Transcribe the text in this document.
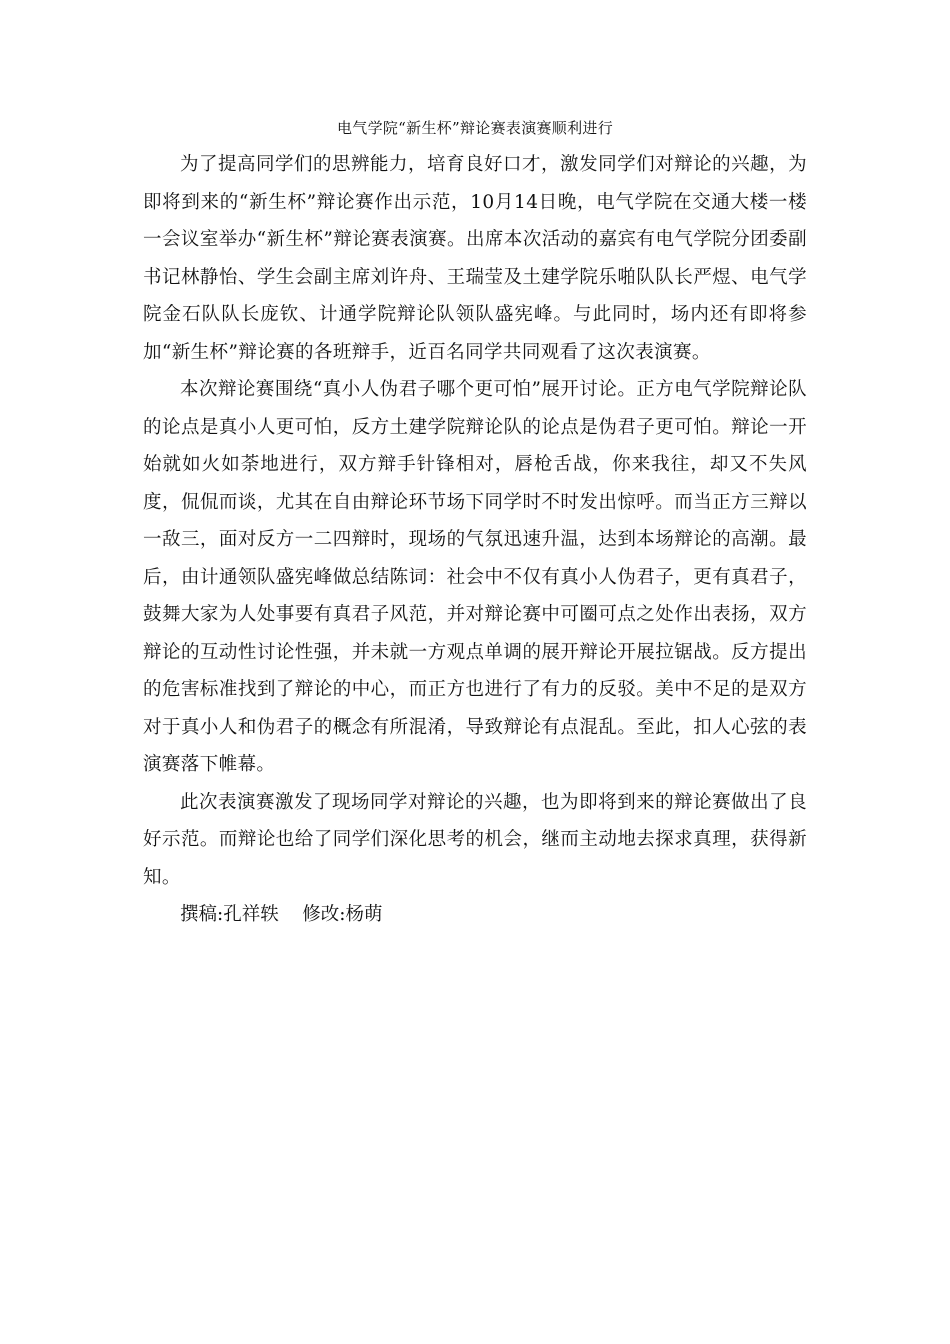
电气学院“新生杯”辩论赛表演赛顺利进行

为了提高同学们的思辨能力，培育良好口才，激发同学们对辩论的兴趣，为即将到来的“新生杯”辩论赛作出示范，10月14日晚，电气学院在交通大楼一楼一会议室举办“新生杯”辩论赛表演赛。出席本次活动的嘉宾有电气学院分团委副书记林静怡、学生会副主席刘许舟、王瑞莹及土建学院乐啪队队长严煜、电气学院金石队队长庞钦、计通学院辩论队领队盛宪峰。与此同时，场内还有即将参加“新生杯”辩论赛的各班辩手，近百名同学共同观看了这次表演赛。

本次辩论赛围绕“真小人伪君子哪个更可怕”展开讨论。正方电气学院辩论队的论点是真小人更可怕，反方土建学院辩论队的论点是伪君子更可怕。辩论一开始就如火如荼地进行，双方辩手针锋相对，唇枪舌战，你来我往，却又不失风度，侃侃而谈，尤其在自由辩论环节场下同学时不时发出惊呼。而当正方三辩以一敌三，面对反方一二四辩时，现场的气氛迅速升温，达到本场辩论的高潮。最后，由计通领队盛宪峰做总结陈词：社会中不仅有真小人伪君子，更有真君子，鼓舞大家为人处事要有真君子风范，并对辩论赛中可圈可点之处作出表扬，双方辩论的互动性讨论性强，并未就一方观点单调的展开辩论开展拉锯战。反方提出的危害标准找到了辩论的中心，而正方也进行了有力的反驳。美中不足的是双方对于真小人和伪君子的概念有所混淆，导致辩论有点混乱。至此，扣人心弦的表演赛落下帷幕。

此次表演赛激发了现场同学对辩论的兴趣，也为即将到来的辩论赛做出了良好示范。而辩论也给了同学们深化思考的机会，继而主动地去探求真理，获得新知。

撰稿:孔祥轶    修改:杨萌
